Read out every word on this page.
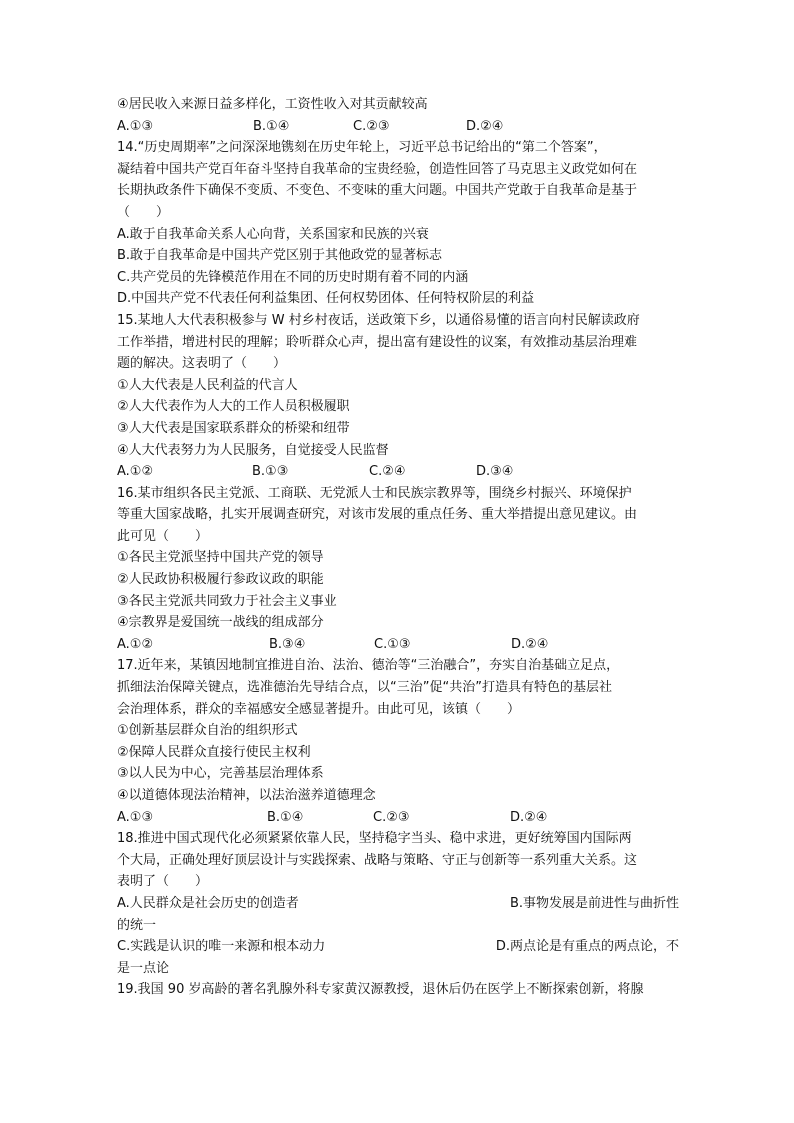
④居民收入来源日益多样化，工资性收入对其贡献较高
A.①③	B.①④	C.②③	D.②④
14.“历史周期率”之问深深地镌刻在历史年轮上，习近平总书记给出的“第二个答案”，
凝结着中国共产党百年奋斗坚持自我革命的宝贵经验，创造性回答了马克思主义政党如何在
长期执政条件下确保不变质、不变色、不变味的重大问题。中国共产党敢于自我革命是基于
（　　）
A.敢于自我革命关系人心向背，关系国家和民族的兴衰
B.敢于自我革命是中国共产党区别于其他政党的显著标志
C.共产党员的先锋模范作用在不同的历史时期有着不同的内涵
D.中国共产党不代表任何利益集团、任何权势团体、任何特权阶层的利益
15.某地人大代表积极参与 W 村乡村夜话，送政策下乡，以通俗易懂的语言向村民解读政府
工作举措，增进村民的理解；聆听群众心声，提出富有建设性的议案，有效推动基层治理难
题的解决。这表明了（　　）
①人大代表是人民利益的代言人
②人大代表作为人大的工作人员积极履职
③人大代表是国家联系群众的桥梁和纽带
④人大代表努力为人民服务，自觉接受人民监督
A.①②	B.①③	C.②④	D.③④
16.某市组织各民主党派、工商联、无党派人士和民族宗教界等，围绕乡村振兴、环境保护
等重大国家战略，扎实开展调查研究，对该市发展的重点任务、重大举措提出意见建议。由
此可见（　　）
①各民主党派坚持中国共产党的领导
②人民政协积极履行参政议政的职能
③各民主党派共同致力于社会主义事业
④宗教界是爱国统一战线的组成部分
A.①②	B.③④	C.①③	D.②④
17.近年来，某镇因地制宜推进自治、法治、德治等“三治融合”，夯实自治基础立足点，
抓细法治保障关键点，选准德治先导结合点，以“三治”促“共治”打造具有特色的基层社
会治理体系，群众的幸福感安全感显著提升。由此可见，该镇（　　）
①创新基层群众自治的组织形式
②保障人民群众直接行使民主权利
③以人民为中心，完善基层治理体系
④以道德体现法治精神，以法治滋养道德理念
A.①③	B.①④	C.②③	D.②④
18.推进中国式现代化必须紧紧依靠人民，坚持稳字当头、稳中求进，更好统筹国内国际两
个大局，正确处理好顶层设计与实践探索、战略与策略、守正与创新等一系列重大关系。这
表明了（　　）
A.人民群众是社会历史的创造者	B.事物发展是前进性与曲折性
的统一
C.实践是认识的唯一来源和根本动力	D.两点论是有重点的两点论，不
是一点论
19.我国 90 岁高龄的著名乳腺外科专家黄汉源教授，退休后仍在医学上不断探索创新，将腺
